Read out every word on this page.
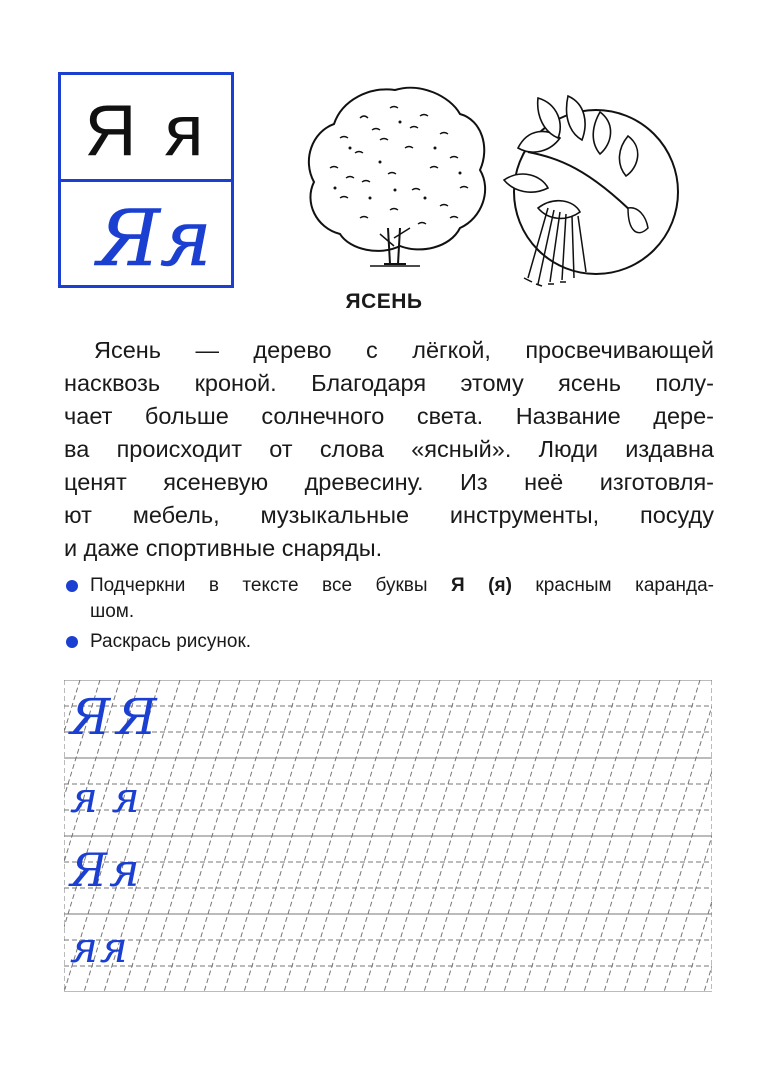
Я я
Яя
ЯСЕНЬ
Ясень — дерево с лёгкой, просвечивающей
насквозь кроной. Благодаря этому ясень полу-
чает больше солнечного света. Название дере-
ва происходит от слова «ясный». Люди издавна
ценят ясеневую древесину. Из неё изготовля-
ют мебель, музыкальные инструменты, посуду
и даже спортивные снаряды.
Подчеркни в тексте все буквы Я (я) красным каранда-
шом.
Раскрась рисунок.
ЯЯ
яя
Яя
яя
